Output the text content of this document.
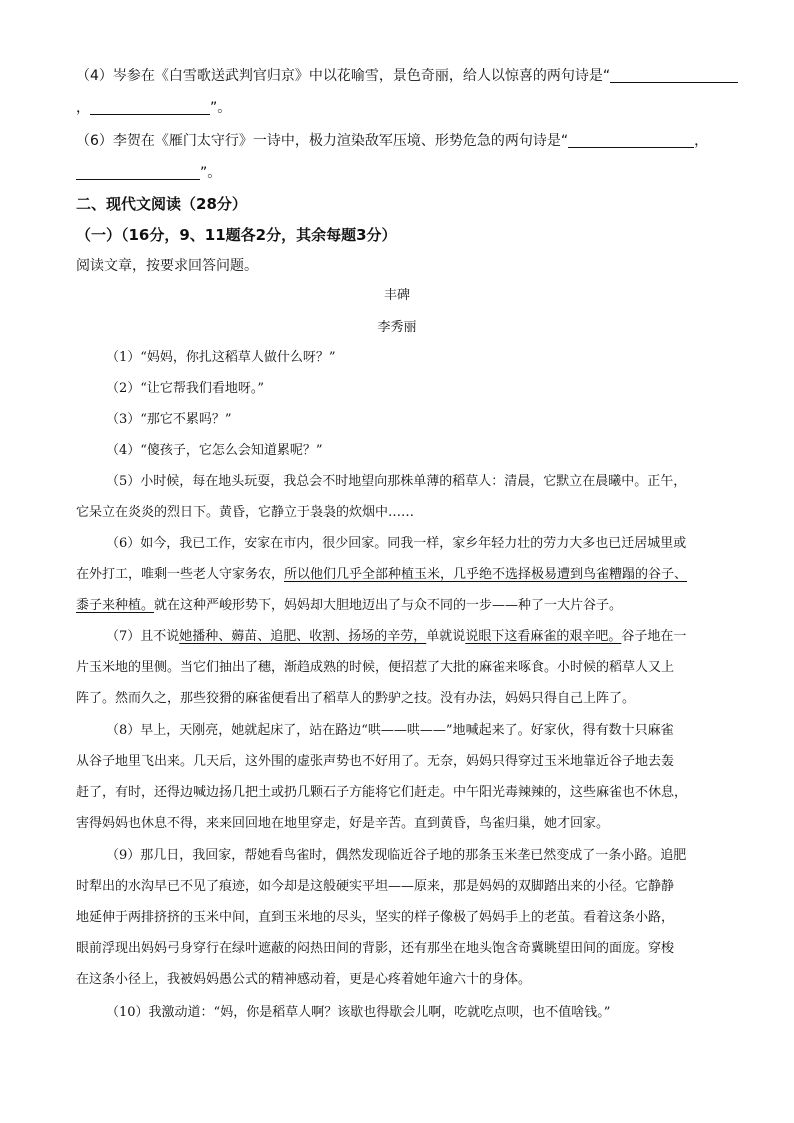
（4）岑参在《白雪歌送武判官归京》中以花喻雪，景色奇丽，给人以惊喜的两句诗是“
，	”。
（6）李贺在《雁门太守行》一诗中，极力渲染敌军压境、形势危急的两句诗是“	，
”。
二、现代文阅读（28分）
（一）（16分，9、11题各2分，其余每题3分）
阅读文章，按要求回答问题。
丰碑
李秀丽
（1）“妈妈，你扎这稻草人做什么呀？”
（2）“让它帮我们看地呀。”
（3）“那它不累吗？”
（4）“傻孩子，它怎么会知道累呢？”
（5）小时候，每在地头玩耍，我总会不时地望向那株单薄的稻草人：清晨，它默立在晨曦中。正午，
它呆立在炎炎的烈日下。黄昏，它静立于袅袅的炊烟中……
（6）如今，我已工作，安家在市内，很少回家。同我一样，家乡年轻力壮的劳力大多也已迁居城里或
在外打工，唯剩一些老人守家务农，所以他们几乎全部种植玉米，几乎绝不选择极易遭到鸟雀糟蹋的谷子、
黍子来种植。就在这种严峻形势下，妈妈却大胆地迈出了与众不同的一步——种了一大片谷子。
（7）且不说她播种、薅苗、追肥、收割、扬场的辛劳，单就说说眼下这看麻雀的艰辛吧。谷子地在一
片玉米地的里侧。当它们抽出了穗，渐趋成熟的时候，便招惹了大批的麻雀来啄食。小时候的稻草人又上
阵了。然而久之，那些狡猾的麻雀便看出了稻草人的黔驴之技。没有办法，妈妈只得自己上阵了。
（8）早上，天刚亮，她就起床了，站在路边“哄——哄——”地喊起来了。好家伙，得有数十只麻雀
从谷子地里飞出来。几天后，这外围的虚张声势也不好用了。无奈，妈妈只得穿过玉米地靠近谷子地去轰
赶了，有时，还得边喊边扬几把土或扔几颗石子方能将它们赶走。中午阳光毒辣辣的，这些麻雀也不休息，
害得妈妈也休息不得，来来回回地在地里穿走，好是辛苦。直到黄昏，鸟雀归巢，她才回家。
（9）那几日，我回家，帮她看鸟雀时，偶然发现临近谷子地的那条玉米垄已然变成了一条小路。追肥
时犁出的水沟早已不见了痕迹，如今却是这般硬实平坦——原来，那是妈妈的双脚踏出来的小径。它静静
地延伸于两排挤挤的玉米中间，直到玉米地的尽头，坚实的样子像极了妈妈手上的老茧。看着这条小路，
眼前浮现出妈妈弓身穿行在绿叶遮蔽的闷热田间的背影，还有那坐在地头饱含奇冀眺望田间的面庞。穿梭
在这条小径上，我被妈妈愚公式的精神感动着，更是心疼着她年逾六十的身体。
（10）我激动道：“妈，你是稻草人啊？该歇也得歇会儿啊，吃就吃点呗，也不值啥钱。”
